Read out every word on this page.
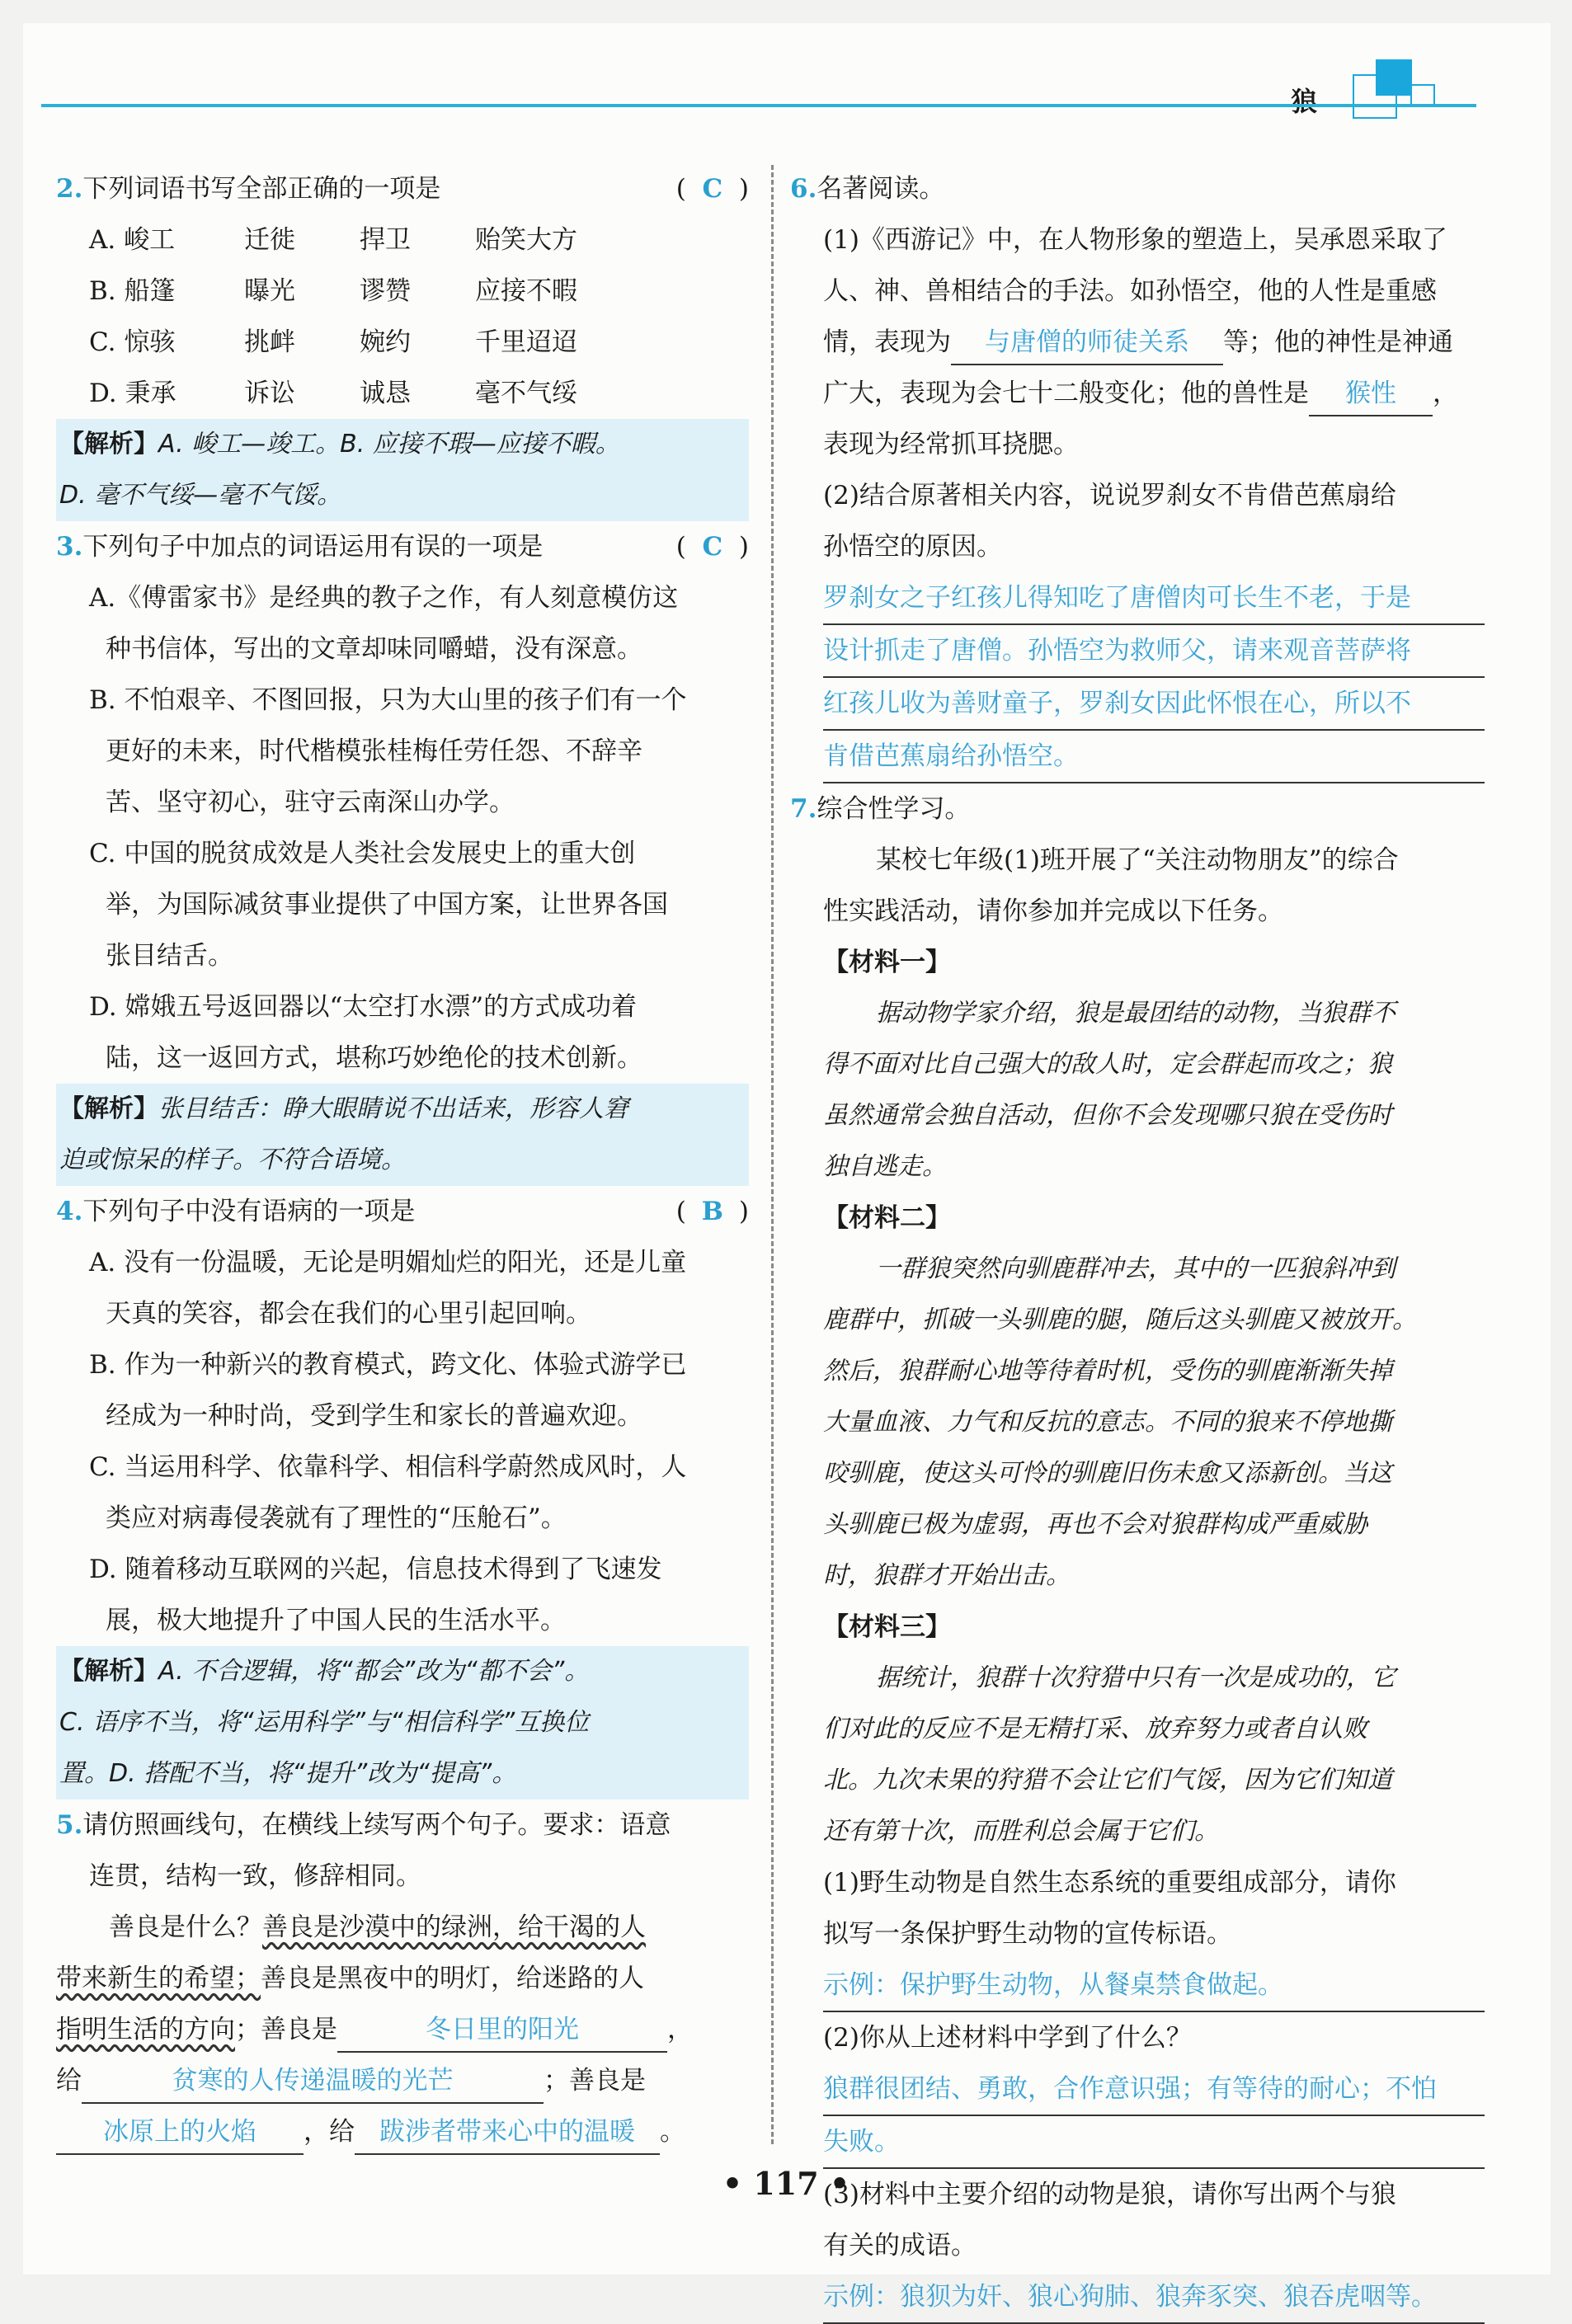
狼
2.下列词语书写全部正确的一项是	( C )
A. 峻工	迁徙	捍卫	贻笑大方
B. 船篷	曝光	谬赞	应接不暇
C. 惊骇	挑衅	婉约	千里迢迢
D. 秉承	诉讼	诚恳	毫不气绥
【解析】A. 峻工—竣工。B. 应接不瑕—应接不暇。
D. 毫不气绥—毫不气馁。
3.下列句子中加点的词语运用有误的一项是	( C )
A.《傅雷家书》是经典的教子之作，有人刻意模仿这
种书信体，写出的文章却味同嚼蜡，没有深意。
B. 不怕艰辛、不图回报，只为大山里的孩子们有一个
更好的未来，时代楷模张桂梅任劳任怨、不辞辛
苦、坚守初心，驻守云南深山办学。
C. 中国的脱贫成效是人类社会发展史上的重大创
举，为国际减贫事业提供了中国方案，让世界各国
张目结舌。
D. 嫦娥五号返回器以“太空打水漂”的方式成功着
陆，这一返回方式，堪称巧妙绝伦的技术创新。
【解析】张目结舌：睁大眼睛说不出话来，形容人窘
迫或惊呆的样子。不符合语境。
4.下列句子中没有语病的一项是	( B )
A. 没有一份温暖，无论是明媚灿烂的阳光，还是儿童
天真的笑容，都会在我们的心里引起回响。
B. 作为一种新兴的教育模式，跨文化、体验式游学已
经成为一种时尚，受到学生和家长的普遍欢迎。
C. 当运用科学、依靠科学、相信科学蔚然成风时，人
类应对病毒侵袭就有了理性的“压舱石”。
D. 随着移动互联网的兴起，信息技术得到了飞速发
展，极大地提升了中国人民的生活水平。
【解析】A. 不合逻辑，将“都会”改为“都不会”。
C. 语序不当，将“运用科学”与“相信科学”互换位
置。D. 搭配不当，将“提升”改为“提高”。
5.请仿照画线句，在横线上续写两个句子。要求：语意
连贯，结构一致，修辞相同。
善良是什么？善良是沙漠中的绿洲，给干渴的人
带来新生的希望；善良是黑夜中的明灯，给迷路的人
指明生活的方向；善良是	冬日里的阳光	，
给	贫寒的人传递温暖的光芒	；善良是
冰原上的火焰 ，给 跋涉者带来心中的温暖 。
6.名著阅读。
(1)《西游记》中，在人物形象的塑造上，吴承恩采取了
人、神、兽相结合的手法。如孙悟空，他的人性是重感
情，表现为 与唐僧的师徒关系 等；他的神性是神通
广大，表现为会七十二般变化；他的兽性是 猴性 ，
表现为经常抓耳挠腮。
(2)结合原著相关内容，说说罗刹女不肯借芭蕉扇给
孙悟空的原因。
罗刹女之子红孩儿得知吃了唐僧肉可长生不老，于是
设计抓走了唐僧。孙悟空为救师父，请来观音菩萨将
红孩儿收为善财童子，罗刹女因此怀恨在心，所以不
肯借芭蕉扇给孙悟空。
7.综合性学习。
某校七年级(1)班开展了“关注动物朋友”的综合
性实践活动，请你参加并完成以下任务。
【材料一】
据动物学家介绍，狼是最团结的动物，当狼群不
得不面对比自己强大的敌人时，定会群起而攻之；狼
虽然通常会独自活动，但你不会发现哪只狼在受伤时
独自逃走。
【材料二】
一群狼突然向驯鹿群冲去，其中的一匹狼斜冲到
鹿群中，抓破一头驯鹿的腿，随后这头驯鹿又被放开。
然后，狼群耐心地等待着时机，受伤的驯鹿渐渐失掉
大量血液、力气和反抗的意志。不同的狼来不停地撕
咬驯鹿，使这头可怜的驯鹿旧伤未愈又添新创。当这
头驯鹿已极为虚弱，再也不会对狼群构成严重威胁
时，狼群才开始出击。
【材料三】
据统计，狼群十次狩猎中只有一次是成功的，它
们对此的反应不是无精打采、放弃努力或者自认败
北。九次未果的狩猎不会让它们气馁，因为它们知道
还有第十次，而胜利总会属于它们。
(1)野生动物是自然生态系统的重要组成部分，请你
拟写一条保护野生动物的宣传标语。
示例：保护野生动物，从餐桌禁食做起。
(2)你从上述材料中学到了什么？
狼群很团结、勇敢，合作意识强；有等待的耐心；不怕
失败。
(3)材料中主要介绍的动物是狼，请你写出两个与狼
有关的成语。
示例：狼狈为奸、狼心狗肺、狼奔豕突、狼吞虎咽等。
• 117 •
